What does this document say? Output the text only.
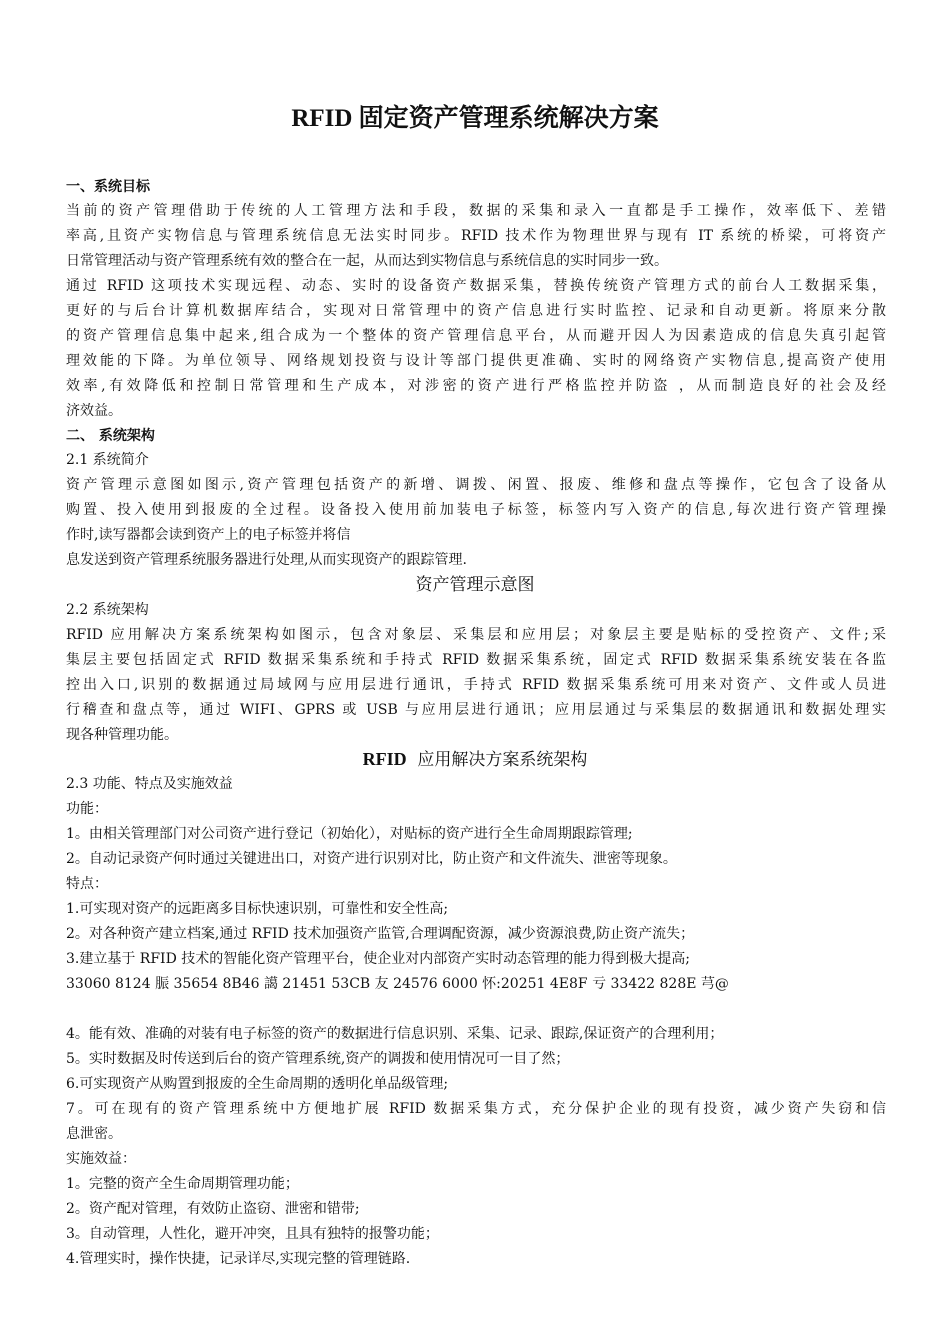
RFID 固定资产管理系统解决方案
一、系统目标
当前的资产管理借助于传统的人工管理方法和手段，数据的采集和录入一直都是手工操作，效率低下、差错
率高,且资产实物信息与管理系统信息无法实时同步。RFID 技术作为物理世界与现有 IT 系统的桥梁，可将资产
日常管理活动与资产管理系统有效的整合在一起，从而达到实物信息与系统信息的实时同步一致。
通过 RFID 这项技术实现远程、动态、实时的设备资产数据采集，替换传统资产管理方式的前台人工数据采集，
更好的与后台计算机数据库结合，实现对日常管理中的资产信息进行实时监控、记录和自动更新。将原来分散
的资产管理信息集中起来,组合成为一个整体的资产管理信息平台，从而避开因人为因素造成的信息失真引起管
理效能的下降。为单位领导、网络规划投资与设计等部门提供更准确、实时的网络资产实物信息,提高资产使用
效率,有效降低和控制日常管理和生产成本，对涉密的资产进行严格监控并防盗 ，从而制造良好的社会及经
济效益。
二、 系统架构
2.1 系统简介
资产管理示意图如图示,资产管理包括资产的新增、调拨、闲置、报废、维修和盘点等操作，它包含了设备从
购置、投入使用到报废的全过程。设备投入使用前加装电子标签，标签内写入资产的信息,每次进行资产管理操
作时,读写器都会读到资产上的电子标签并将信
息发送到资产管理系统服务器进行处理,从而实现资产的跟踪管理.
资产管理示意图
2.2 系统架构
RFID 应用解决方案系统架构如图示，包含对象层、采集层和应用层；对象层主要是贴标的受控资产、文件;采
集层主要包括固定式 RFID 数据采集系统和手持式 RFID 数据采集系统，固定式 RFID 数据采集系统安装在各监
控出入口,识别的数据通过局域网与应用层进行通讯，手持式 RFID 数据采集系统可用来对资产、文件或人员进
行稽查和盘点等，通过 WIFI、GPRS 或 USB 与应用层进行通讯；应用层通过与采集层的数据通讯和数据处理实
现各种管理功能。
RFID  应用解决方案系统架构
2.3 功能、特点及实施效益
功能：
1。由相关管理部门对公司资产进行登记（初始化），对贴标的资产进行全生命周期跟踪管理;
2。自动记录资产何时通过关键进出口，对资产进行识别对比，防止资产和文件流失、泄密等现象。
特点：
1.可实现对资产的远距离多目标快速识别，可靠性和安全性高;
2。对各种资产建立档案,通过 RFID 技术加强资产监管,合理调配资源，减少资源浪费,防止资产流失；
3.建立基于 RFID 技术的智能化资产管理平台，使企业对内部资产实时动态管理的能力得到极大提高;
33060 8124 脤 35654 8B46 譪 21451 53CB 友 24576 6000 怀:20251 4E8F 亏 33422 828E 芎@
4。能有效、准确的对装有电子标签的资产的数据进行信息识别、采集、记录、跟踪,保证资产的合理利用；
5。实时数据及时传送到后台的资产管理系统,资产的调拨和使用情况可一目了然；
6.可实现资产从购置到报废的全生命周期的透明化单品级管理;
7。可在现有的资产管理系统中方便地扩展 RFID 数据采集方式，充分保护企业的现有投资，减少资产失窃和信
息泄密。
实施效益：
1。完整的资产全生命周期管理功能；
2。资产配对管理，有效防止盗窃、泄密和错带;
3。自动管理，人性化，避开冲突，且具有独特的报警功能；
4.管理实时，操作快捷，记录详尽,实现完整的管理链路.
